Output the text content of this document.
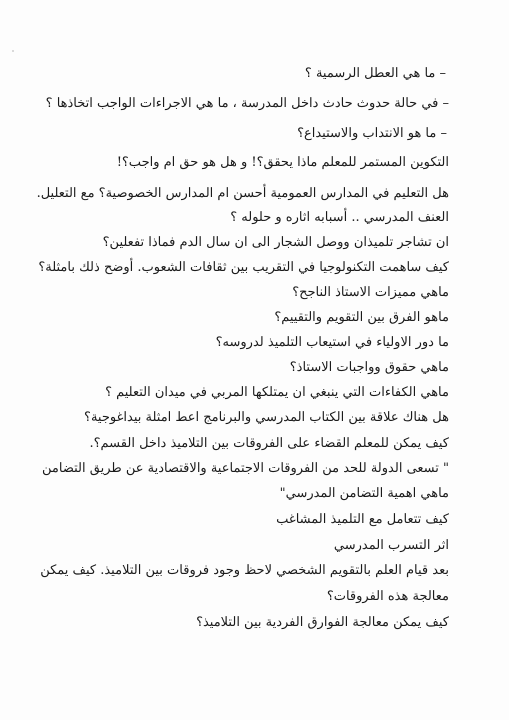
– ما هي العطل الرسمية ؟
– في حالة حدوث حادث داخل المدرسة ، ما هي الاجراءات الواجب اتخاذها ؟
– ما هو الانتداب والاستيداع؟
التكوين المستمر للمعلم ماذا يحقق؟! و هل هو حق ام واجب؟!
هل التعليم في المدارس العمومية أحسن ام المدارس الخصوصية؟ مع التعليل.
العنف المدرسي .. أسبابه اثاره و حلوله ؟
ان تشاجر تلميذان ووصل الشجار الى ان سال الدم فماذا تفعلين؟
كيف ساهمت التكنولوجيا في التقريب بين ثقافات الشعوب. أوضح ذلك بامثلة؟
ماهي مميزات الاستاذ الناجح؟
ماهو الفرق بين التقويم والتقييم؟
ما دور الاولياء في استيعاب التلميذ لدروسه؟
ماهي حقوق وواجبات الاستاذ؟
ماهي الكفاءات التي ينبغي ان يمتلكها المربي في ميدان التعليم ؟
هل هناك علاقة بين الكتاب المدرسي والبرنامج اعط امثلة بيداغوجية؟
كيف يمكن للمعلم القضاء على الفروقات بين التلاميذ داخل القسم؟.
" تسعى الدولة للحد من الفروقات الاجتماعية والاقتصادية عن طريق التضامن
ماهي اهمية التضامن المدرسي"
كيف تتعامل مع التلميذ المشاغب
اثر التسرب المدرسي
بعد قيام العلم بالتقويم الشخصي لاحظ وجود فروقات بين التلاميذ. كيف يمكن
معالجة هذه الفروقات؟
كيف يمكن معالجة الفوارق الفردية بين التلاميذ؟
